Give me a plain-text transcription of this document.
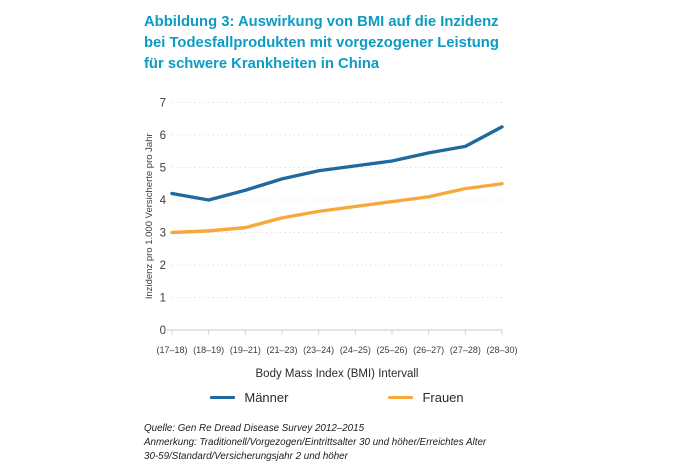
Abbildung 3: Auswirkung von BMI auf die Inzidenz
bei Todesfallprodukten mit vorgezogener Leistung
für schwere Krankheiten in China
(17–18) (18–19) (19–21) (21–23) (23–24) (24–25) (25–26) (26–27) (27–28) (28–30)
0
1
2
3
4
5
6
7
Body Mass Index (BMI) Intervall
Inzidenz pro 1.000 Versicherte pro Jahr
Männer	Frauen
Quelle: Gen Re Dread Disease Survey 2012–2015
Anmerkung: Traditionell/Vorgezogen/Eintrittsalter 30 und höher/Erreichtes Alter
30-59/Standard/Versicherungsjahr 2 und höher
